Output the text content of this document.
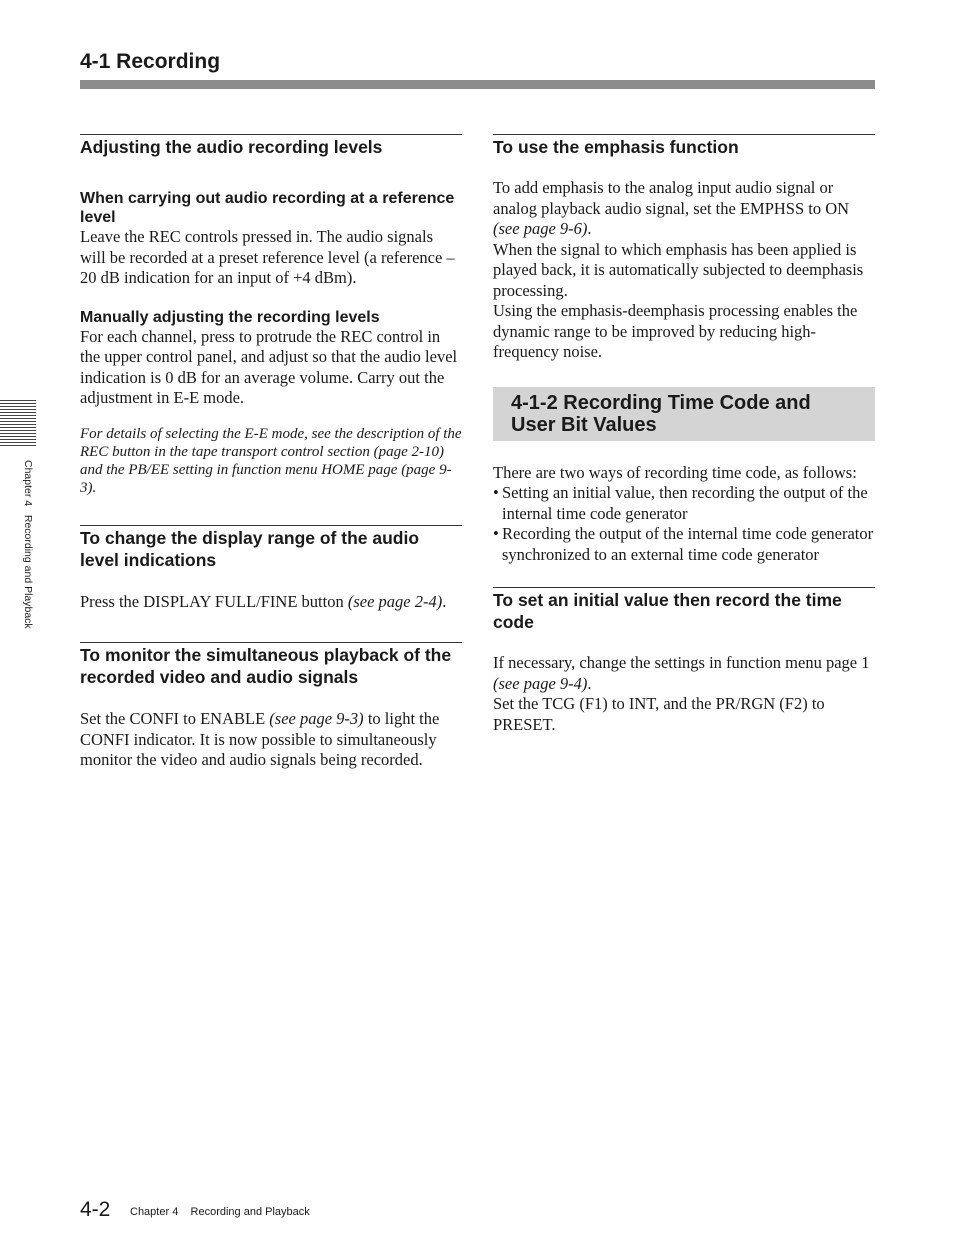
4-1 Recording
Adjusting the audio recording levels
When carrying out audio recording at a reference level

Leave the REC controls pressed in. The audio signals will be recorded at a preset reference level (a reference –20 dB indication for an input of +4 dBm).

Manually adjusting the recording levels

For each channel, press to protrude the REC control in the upper control panel, and adjust so that the audio level indication is 0 dB for an average volume. Carry out the adjustment in E-E mode.

For details of selecting the E-E mode, see the description of the REC button in the tape transport control section (page 2-10) and the PB/EE setting in function menu HOME page (page 9-3).

To change the display range of the audio level indications

Press the DISPLAY FULL/FINE button (see page 2-4).

To monitor the simultaneous playback of the recorded video and audio signals

Set the CONFI to ENABLE (see page 9-3) to light the CONFI indicator. It is now possible to simultaneously monitor the video and audio signals being recorded.

To use the emphasis function

To add emphasis to the analog input audio signal or analog playback audio signal, set the EMPHSS to ON (see page 9-6).

When the signal to which emphasis has been applied is played back, it is automatically subjected to deemphasis processing.

Using the emphasis-deemphasis processing enables the dynamic range to be improved by reducing high-frequency noise.

4-1-2 Recording Time Code and User Bit Values

There are two ways of recording time code, as follows:

• Setting an initial value, then recording the output of the internal time code generator
• Recording the output of the internal time code generator synchronized to an external time code generator
To set an initial value then record the time code

If necessary, change the settings in function menu page 1 (see page 9-4).

Set the TCG (F1) to INT, and the PR/RGN (F2) to PRESET.

Chapter 4   Recording and Playback
4-2 Chapter 4    Recording and Playback
